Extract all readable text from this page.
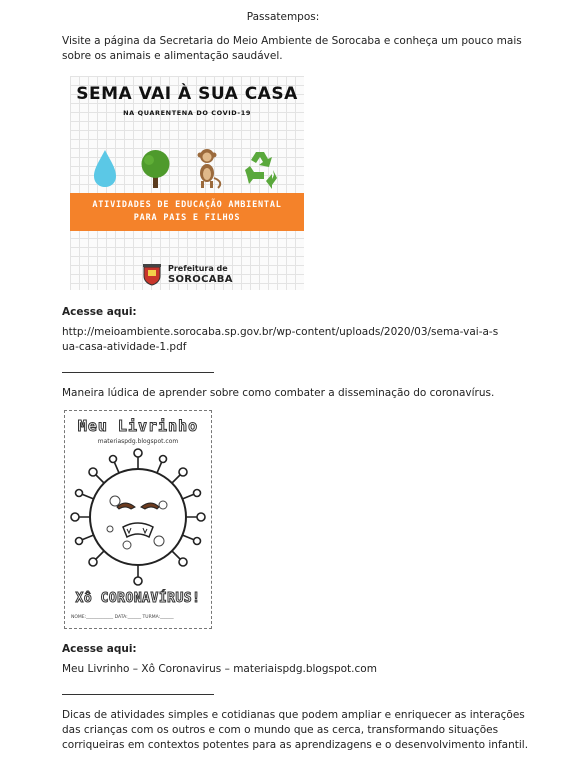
Passatempos:
Visite a página da Secretaria do Meio Ambiente de Sorocaba e conheça um pouco mais sobre os animais e alimentação saudável.
SEMA VAI À SUA CASA
NA QUARENTENA DO COVID-19
ATIVIDADES DE EDUCAÇÃO AMBIENTAL
PARA PAIS E FILHOS
Prefeitura de
SOROCABA
Acesse aqui:
http://meioambiente.sorocaba.sp.gov.br/wp-content/uploads/2020/03/sema-vai-a-sua-casa-atividade-1.pdf
Maneira lúdica de aprender sobre como combater a disseminação do coronavírus.
Meu Livrinho
materiaspdg.blogspot.com
Xô CORONAVÍRUS!
NOME:____________ DATA:______ TURMA:______
Acesse aqui:
Meu Livrinho – Xô Coronavirus – materiaispdg.blogspot.com
Dicas de atividades simples e cotidianas que podem ampliar e enriquecer as interações das crianças com os outros e com o mundo que as cerca, transformando situações corriqueiras em contextos potentes para as aprendizagens e o desenvolvimento infantil.
